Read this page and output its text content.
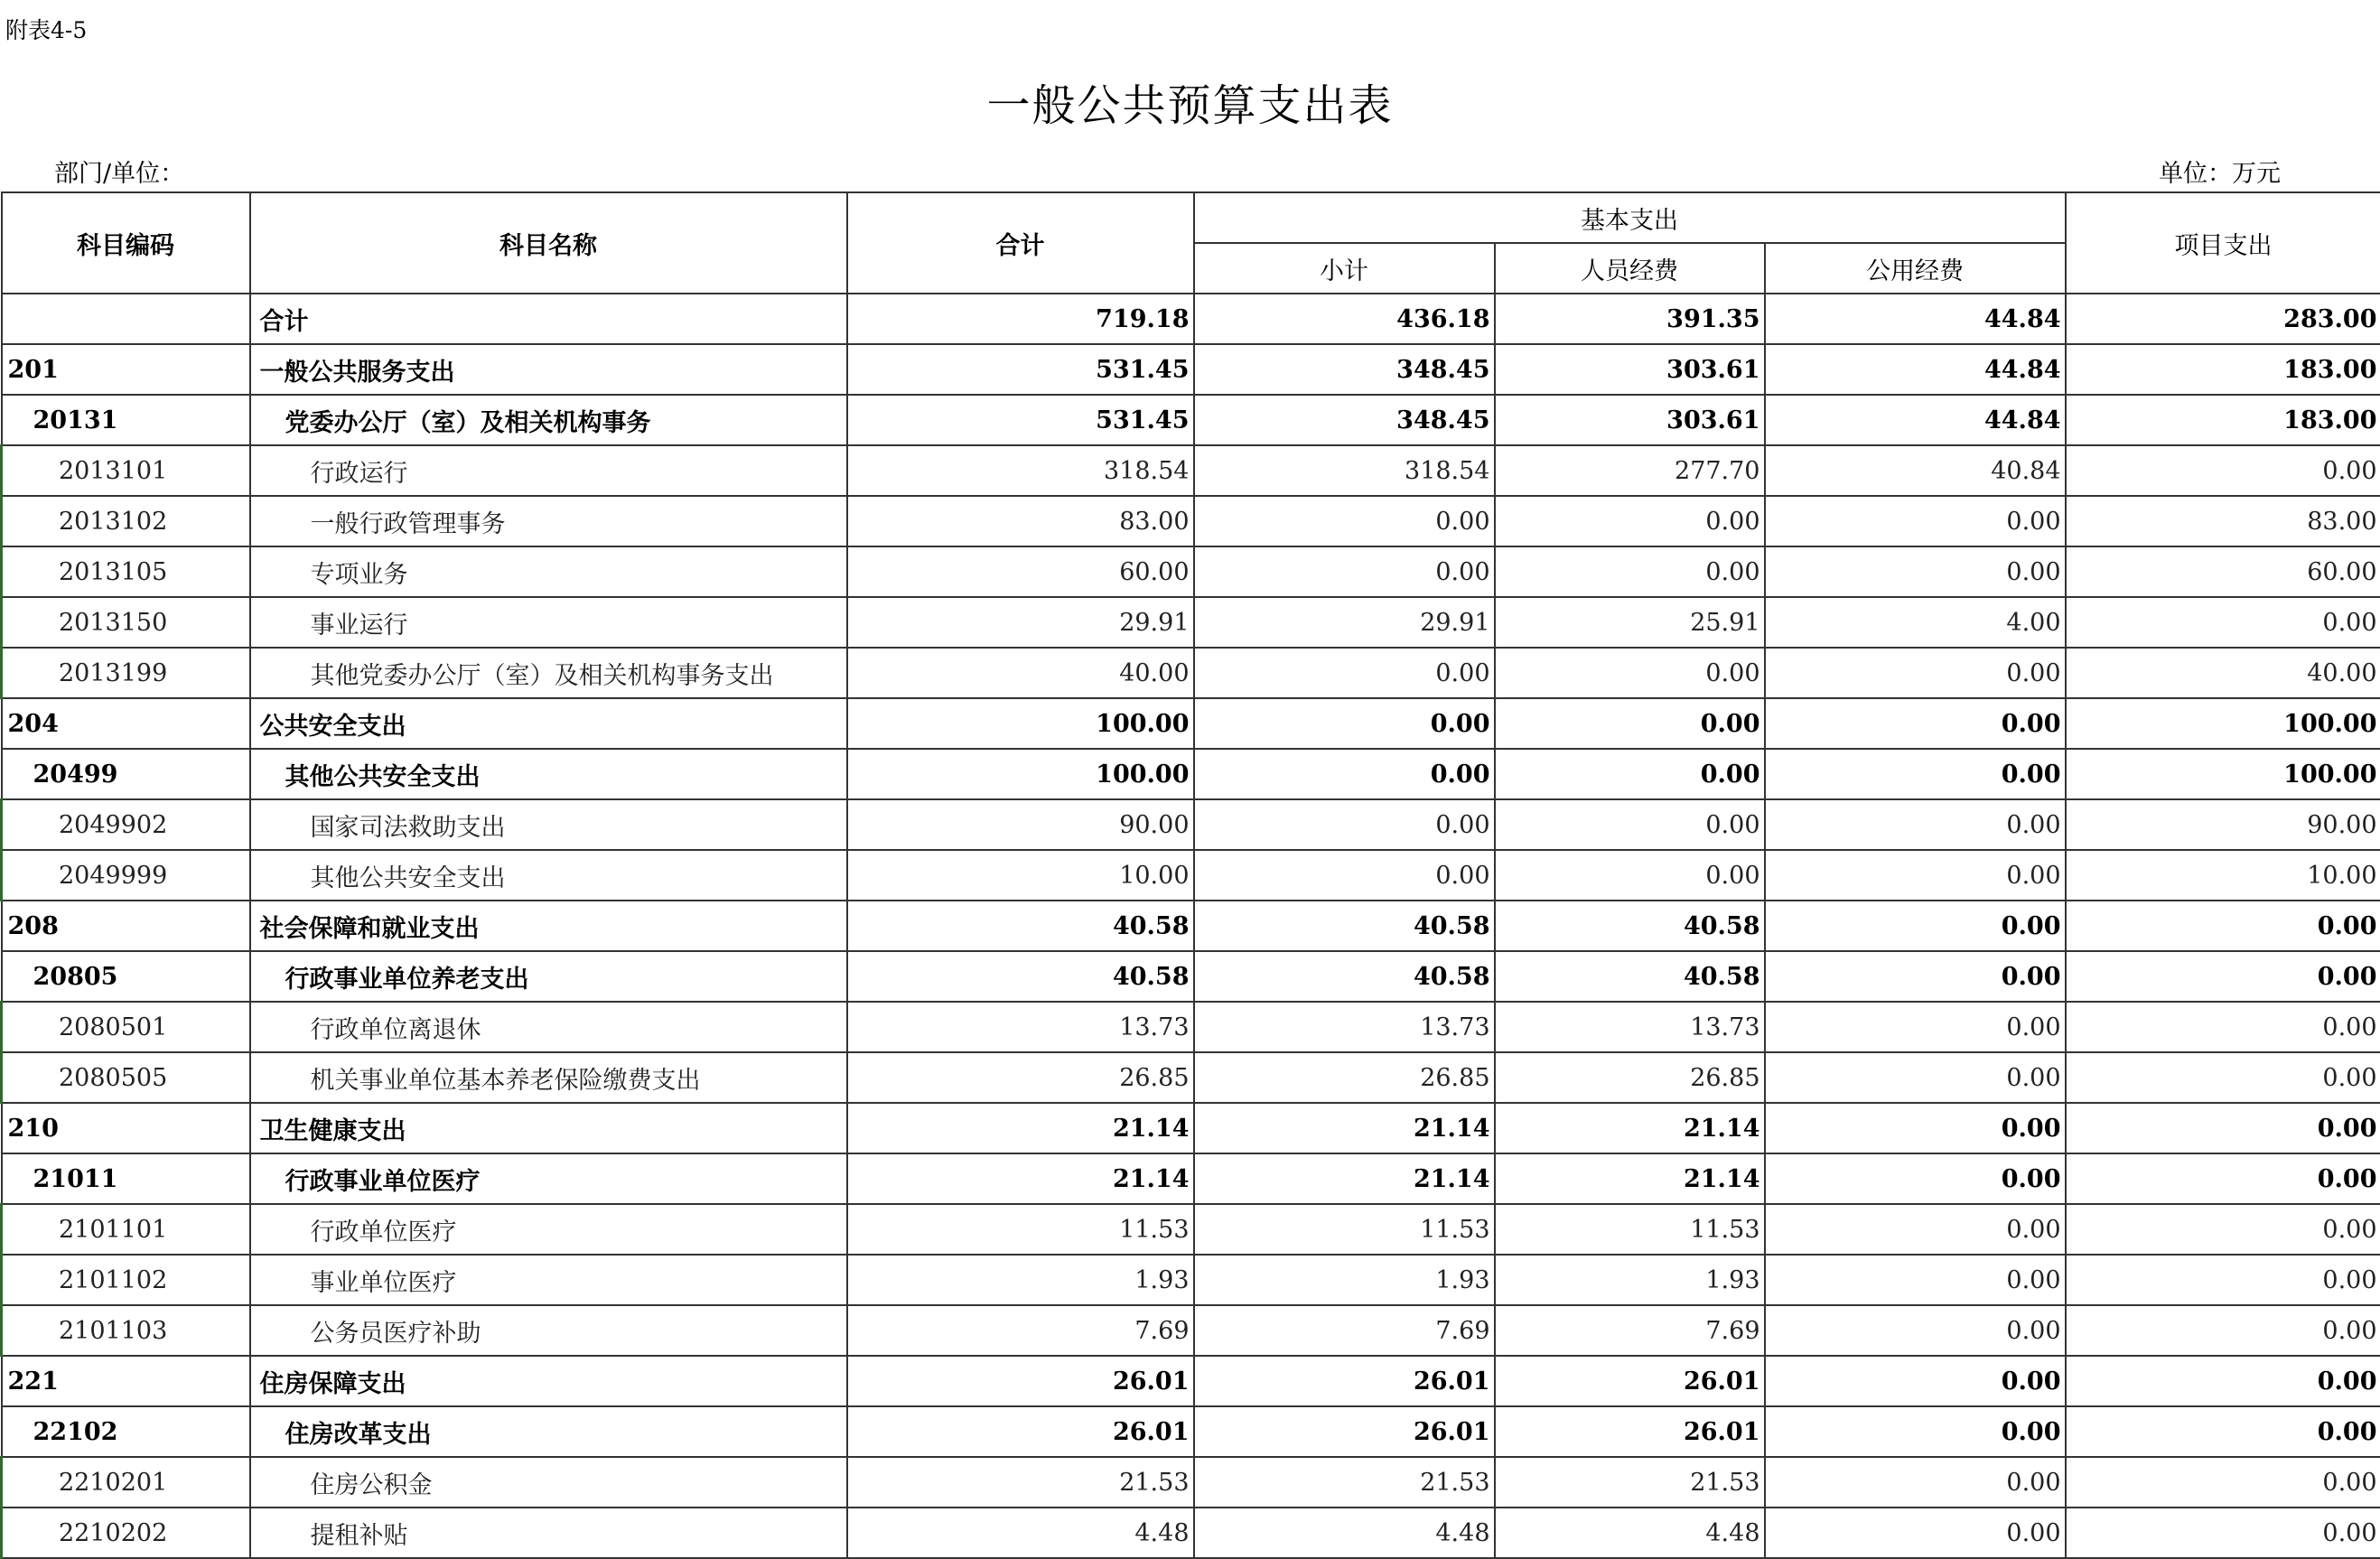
附表4-5
一般公共预算支出表
部门/单位：	单位：万元
科目编码	科目名称	合计	基本支出			项目支出
			小计	人员经费	公用经费	
	合计	719.18	436.18	391.35	44.84	283.00
201	一般公共服务支出	531.45	348.45	303.61	44.84	183.00
20131	党委办公厅（室）及相关机构事务	531.45	348.45	303.61	44.84	183.00
2013101	行政运行	318.54	318.54	277.70	40.84	0.00
2013102	一般行政管理事务	83.00	0.00	0.00	0.00	83.00
2013105	专项业务	60.00	0.00	0.00	0.00	60.00
2013150	事业运行	29.91	29.91	25.91	4.00	0.00
2013199	其他党委办公厅（室）及相关机构事务支出	40.00	0.00	0.00	0.00	40.00
204	公共安全支出	100.00	0.00	0.00	0.00	100.00
20499	其他公共安全支出	100.00	0.00	0.00	0.00	100.00
2049902	国家司法救助支出	90.00	0.00	0.00	0.00	90.00
2049999	其他公共安全支出	10.00	0.00	0.00	0.00	10.00
208	社会保障和就业支出	40.58	40.58	40.58	0.00	0.00
20805	行政事业单位养老支出	40.58	40.58	40.58	0.00	0.00
2080501	行政单位离退休	13.73	13.73	13.73	0.00	0.00
2080505	机关事业单位基本养老保险缴费支出	26.85	26.85	26.85	0.00	0.00
210	卫生健康支出	21.14	21.14	21.14	0.00	0.00
21011	行政事业单位医疗	21.14	21.14	21.14	0.00	0.00
2101101	行政单位医疗	11.53	11.53	11.53	0.00	0.00
2101102	事业单位医疗	1.93	1.93	1.93	0.00	0.00
2101103	公务员医疗补助	7.69	7.69	7.69	0.00	0.00
221	住房保障支出	26.01	26.01	26.01	0.00	0.00
22102	住房改革支出	26.01	26.01	26.01	0.00	0.00
2210201	住房公积金	21.53	21.53	21.53	0.00	0.00
2210202	提租补贴	4.48	4.48	4.48	0.00	0.00
